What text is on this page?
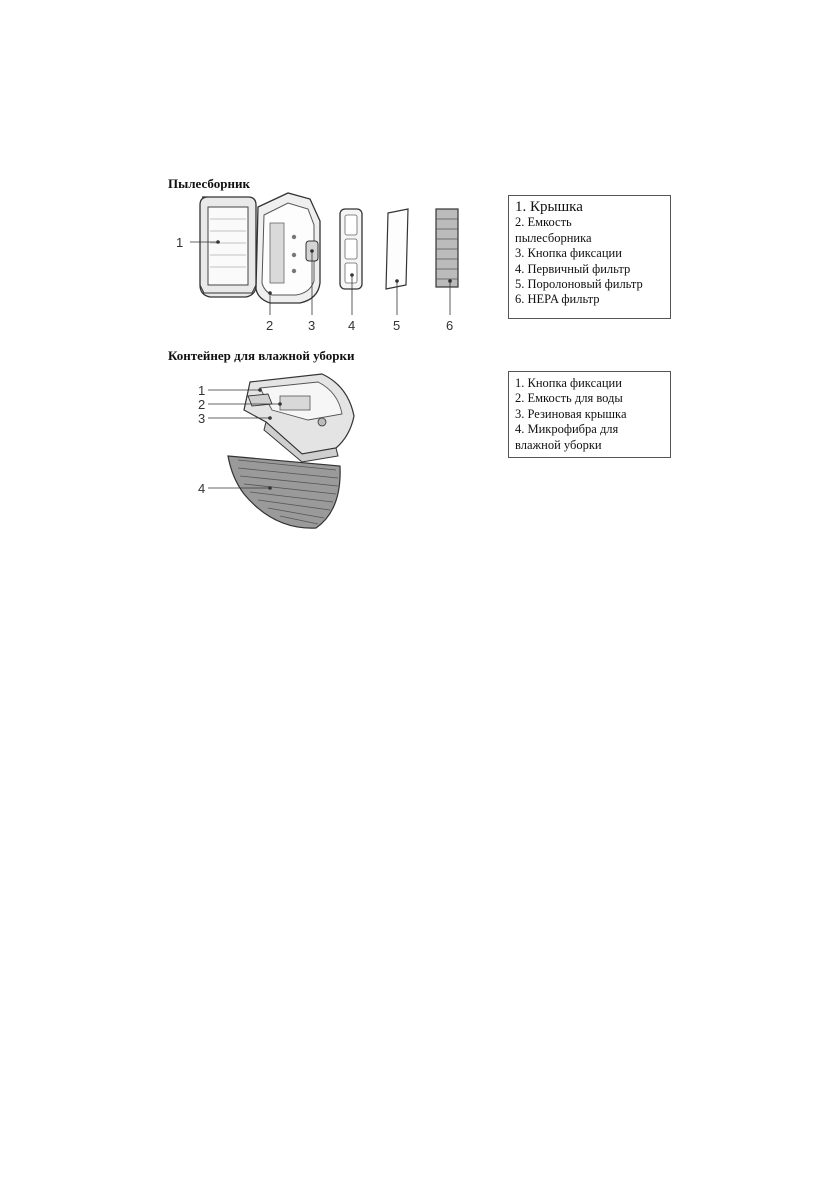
Пылесборник
1
2	3	4	5	6
1. Крышка
2. Емкость
пылесборника
3. Кнопка фиксации
4. Первичный фильтр
5. Поролоновый фильтр
6. HEPA фильтр
Контейнер для влажной уборки
1
2
3
4
1. Кнопка фиксации
2. Емкость для воды
3. Резиновая крышка
4. Микрофибра для
влажной уборки
